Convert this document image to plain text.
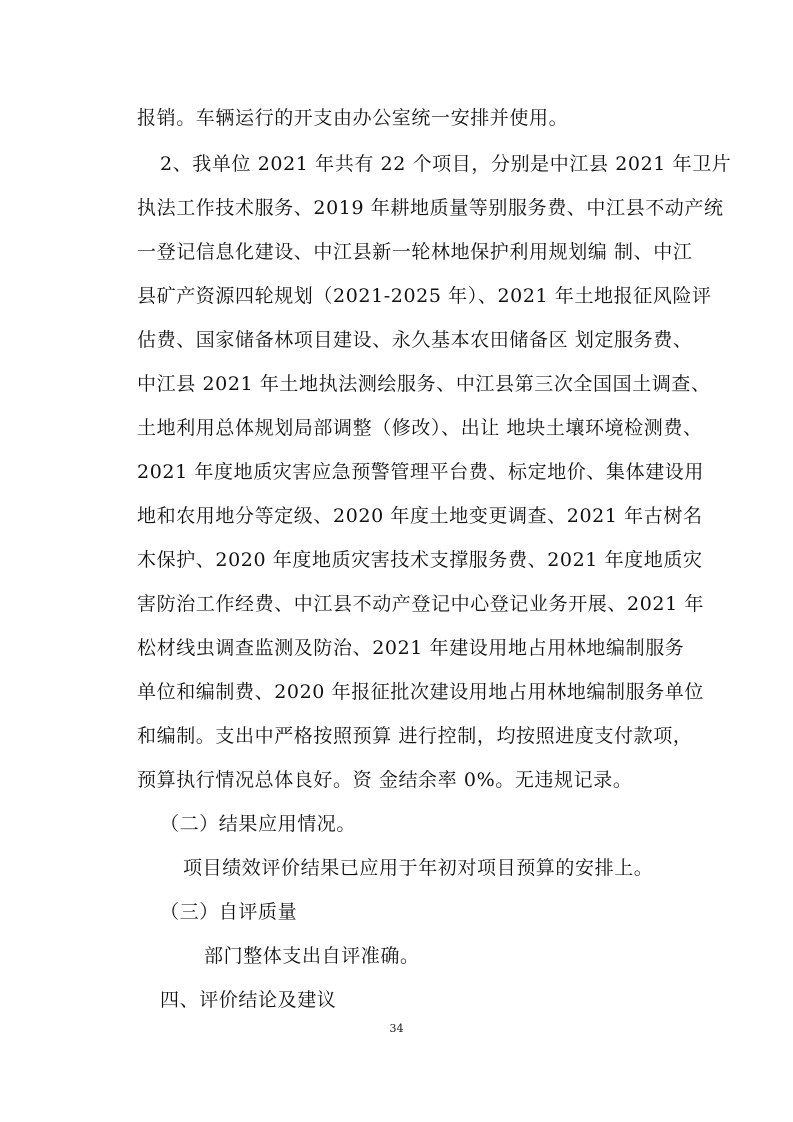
报销。车辆运行的开支由办公室统一安排并使用。
2、我单位 2021 年共有 22 个项目，分别是中江县 2021 年卫片
执法工作技术服务、2019 年耕地质量等别服务费、中江县不动产统
一登记信息化建设、中江县新一轮林地保护利用规划编 制、中江
县矿产资源四轮规划（2021-2025 年）、2021 年土地报征风险评
估费、国家储备林项目建设、永久基本农田储备区 划定服务费、
中江县 2021 年土地执法测绘服务、中江县第三次全国国土调查、
土地利用总体规划局部调整（修改）、出让 地块土壤环境检测费、
2021 年度地质灾害应急预警管理平台费、标定地价、集体建设用
地和农用地分等定级、2020 年度土地变更调查、2021 年古树名
木保护、2020 年度地质灾害技术支撑服务费、2021 年度地质灾
害防治工作经费、中江县不动产登记中心登记业务开展、2021 年
松材线虫调查监测及防治、2021 年建设用地占用林地编制服务
单位和编制费、2020 年报征批次建设用地占用林地编制服务单位
和编制。支出中严格按照预算 进行控制，均按照进度支付款项，
预算执行情况总体良好。资 金结余率 0%。无违规记录。
（二）结果应用情况。
项目绩效评价结果已应用于年初对项目预算的安排上。
（三）自评质量
部门整体支出自评准确。
四、评价结论及建议
34
